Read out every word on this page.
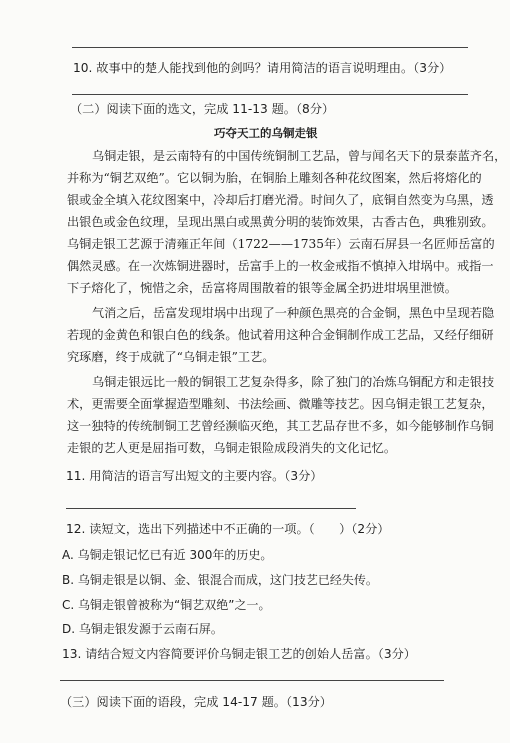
10. 故事中的楚人能找到他的剑吗？请用简洁的语言说明理由。（3分）
（二）阅读下面的选文，完成 11-13 题。（8分）
巧夺天工的乌铜走银
乌铜走银，是云南特有的中国传统铜制工艺品，曾与闻名天下的景泰蓝齐名，
并称为“铜艺双绝”。它以铜为胎，在铜胎上雕刻各种花纹图案，然后将熔化的
银或金全填入花纹图案中，冷却后打磨光滑。时间久了，底铜自然变为乌黑，透
出银色或金色纹理，呈现出黑白或黑黄分明的装饰效果，古香古色，典雅别致。
乌铜走银工艺源于清雍正年间（1722——1735年）云南石屏县一名匠师岳富的
偶然灵感。在一次炼铜进器时，岳富手上的一枚金戒指不慎掉入坩埚中。戒指一
下子熔化了，惋惜之余，岳富将周围散着的银等金属全扔进坩埚里泄愤。
气消之后，岳富发现坩埚中出现了一种颜色黑亮的合金铜，黑色中呈现若隐
若现的金黄色和银白色的线条。他试着用这种合金铜制作成工艺品，又经仔细研
究琢磨，终于成就了“乌铜走银”工艺。
乌铜走银远比一般的铜银工艺复杂得多，除了独门的冶炼乌铜配方和走银技
术，更需要全面掌握造型雕刻、书法绘画、微雕等技艺。因乌铜走银工艺复杂，
这一独特的传统制铜工艺曾经濒临灭绝，其工艺品存世不多，如今能够制作乌铜
走银的艺人更是屈指可数，乌铜走银险成段消失的文化记忆。
11. 用简洁的语言写出短文的主要内容。（3分）
12. 读短文，选出下列描述中不正确的一项。（　　）（2分）
A. 乌铜走银记忆已有近 300年的历史。
B. 乌铜走银是以铜、金、银混合而成，这门技艺已经失传。
C. 乌铜走银曾被称为“铜艺双绝”之一。
D. 乌铜走银发源于云南石屏。
13. 请结合短文内容简要评价乌铜走银工艺的创始人岳富。（3分）
（三）阅读下面的语段，完成 14-17 题。（13分）
